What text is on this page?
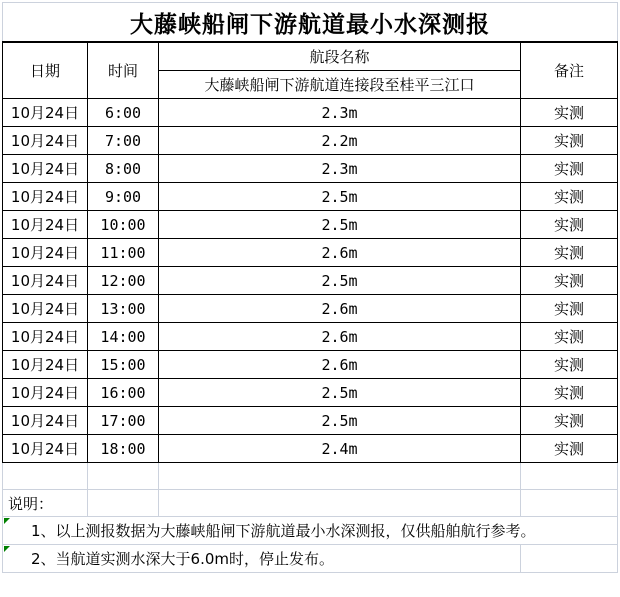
大藤峡船闸下游航道最小水深测报			
日期	时间	航段名称	备注
		大藤峡船闸下游航道连接段至桂平三江口	
10月24日	6:00	2.3m	实测
10月24日	7:00	2.2m	实测
10月24日	8:00	2.3m	实测
10月24日	9:00	2.5m	实测
10月24日	10:00	2.5m	实测
10月24日	11:00	2.6m	实测
10月24日	12:00	2.5m	实测
10月24日	13:00	2.6m	实测
10月24日	14:00	2.6m	实测
10月24日	15:00	2.6m	实测
10月24日	16:00	2.5m	实测
10月24日	17:00	2.5m	实测
10月24日	18:00	2.4m	实测

说明：			

1、以上测报数据为大藤峡船闸下游航道最小水深测报，仅供船舶航行参考。			

2、当航道实测水深大于6.0m时，停止发布。			
